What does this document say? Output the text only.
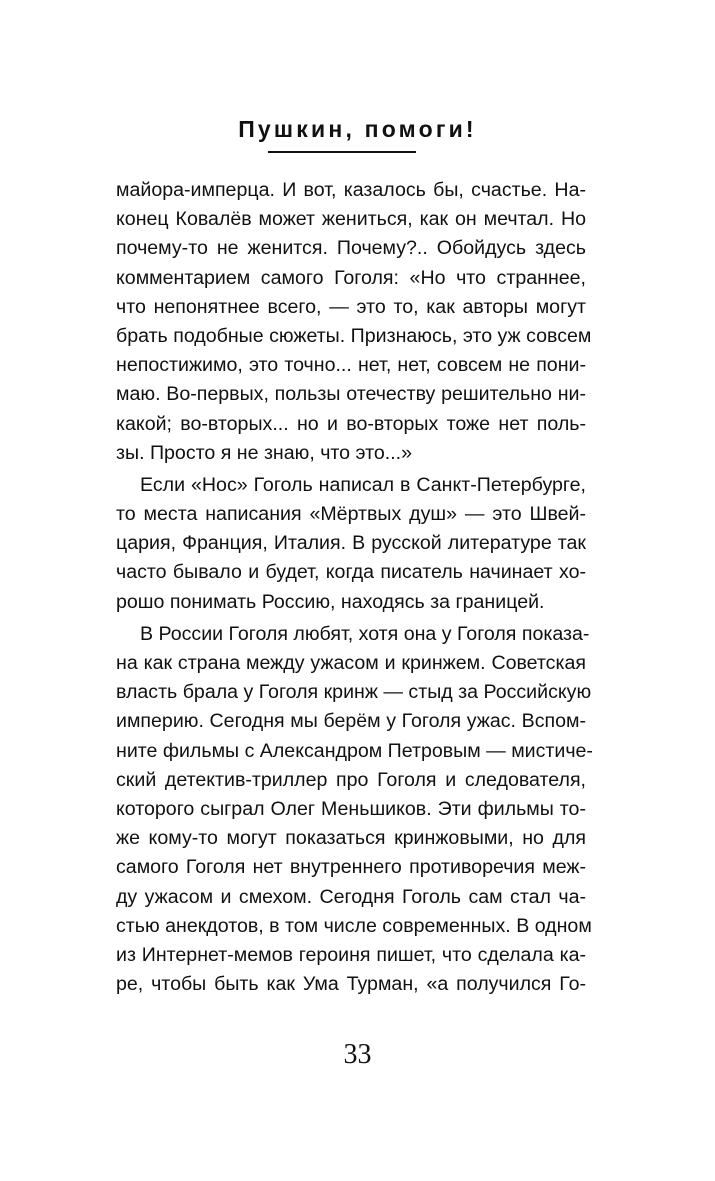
Пушкин, помоги!
майора-имперца. И вот, казалось бы, счастье. На-
конец Ковалёв может жениться, как он мечтал. Но
почему-то не женится. Почему?.. Обойдусь здесь
комментарием самого Гоголя: «Но что страннее,
что непонятнее всего, — это то, как авторы могут
брать подобные сюжеты. Признаюсь, это уж совсем
непостижимо, это точно... нет, нет, совсем не пони-
маю. Во-первых, пользы отечеству решительно ни-
какой; во-вторых... но и во-вторых тоже нет поль-
зы. Просто я не знаю, что это...»
Если «Нос» Гоголь написал в Санкт-Петербурге,
то места написания «Мёртвых душ» — это Швей-
цария, Франция, Италия. В русской литературе так
часто бывало и будет, когда писатель начинает хо-
рошо понимать Россию, находясь за границей.
В России Гоголя любят, хотя она у Гоголя показа-
на как страна между ужасом и кринжем. Советская
власть брала у Гоголя кринж — стыд за Российскую
империю. Сегодня мы берём у Гоголя ужас. Вспом-
ните фильмы с Александром Петровым — мистиче-
ский детектив-триллер про Гоголя и следователя,
которого сыграл Олег Меньшиков. Эти фильмы то-
же кому-то могут показаться кринжовыми, но для
самого Гоголя нет внутреннего противоречия меж-
ду ужасом и смехом. Сегодня Гоголь сам стал ча-
стью анекдотов, в том числе современных. В одном
из Интернет-мемов героиня пишет, что сделала ка-
ре, чтобы быть как Ума Турман, «а получился Го-
33
